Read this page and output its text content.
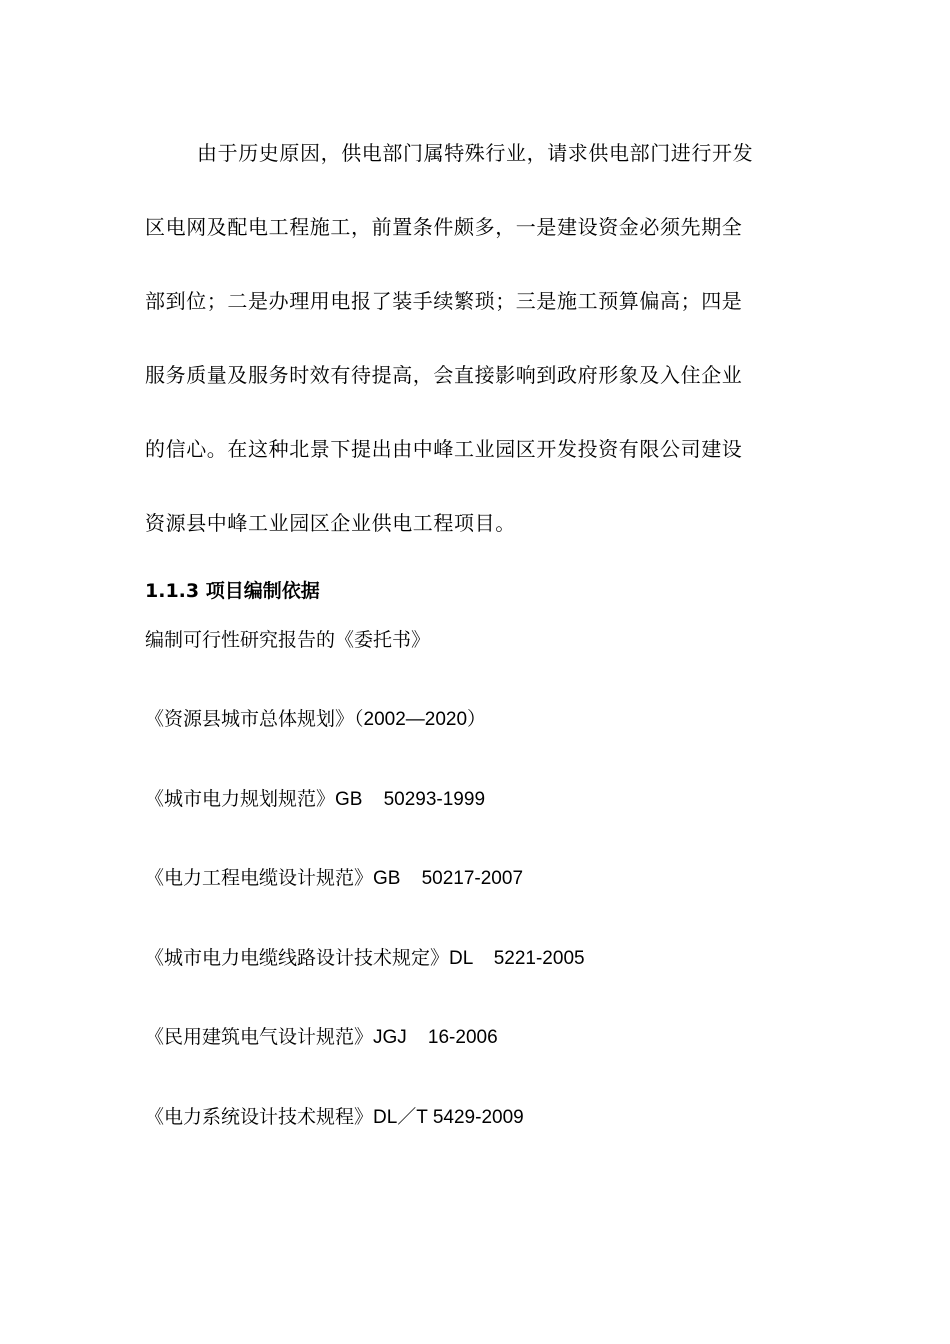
由于历史原因，供电部门属特殊行业，请求供电部门进行开发
区电网及配电工程施工，前置条件颇多，一是建设资金必须先期全
部到位；二是办理用电报了装手续繁琐；三是施工预算偏高；四是
服务质量及服务时效有待提高，会直接影响到政府形象及入住企业
的信心。在这种北景下提出由中峰工业园区开发投资有限公司建设
资源县中峰工业园区企业供电工程项目。
1.1.3 项目编制依据
编制可行性研究报告的《委托书》
《资源县城市总体规划》（2002—2020）
《城市电力规划规范》GB    50293-1999
《电力工程电缆设计规范》GB    50217-2007
《城市电力电缆线路设计技术规定》DL    5221-2005
《民用建筑电气设计规范》JGJ    16-2006
《电力系统设计技术规程》DL／T 5429-2009
